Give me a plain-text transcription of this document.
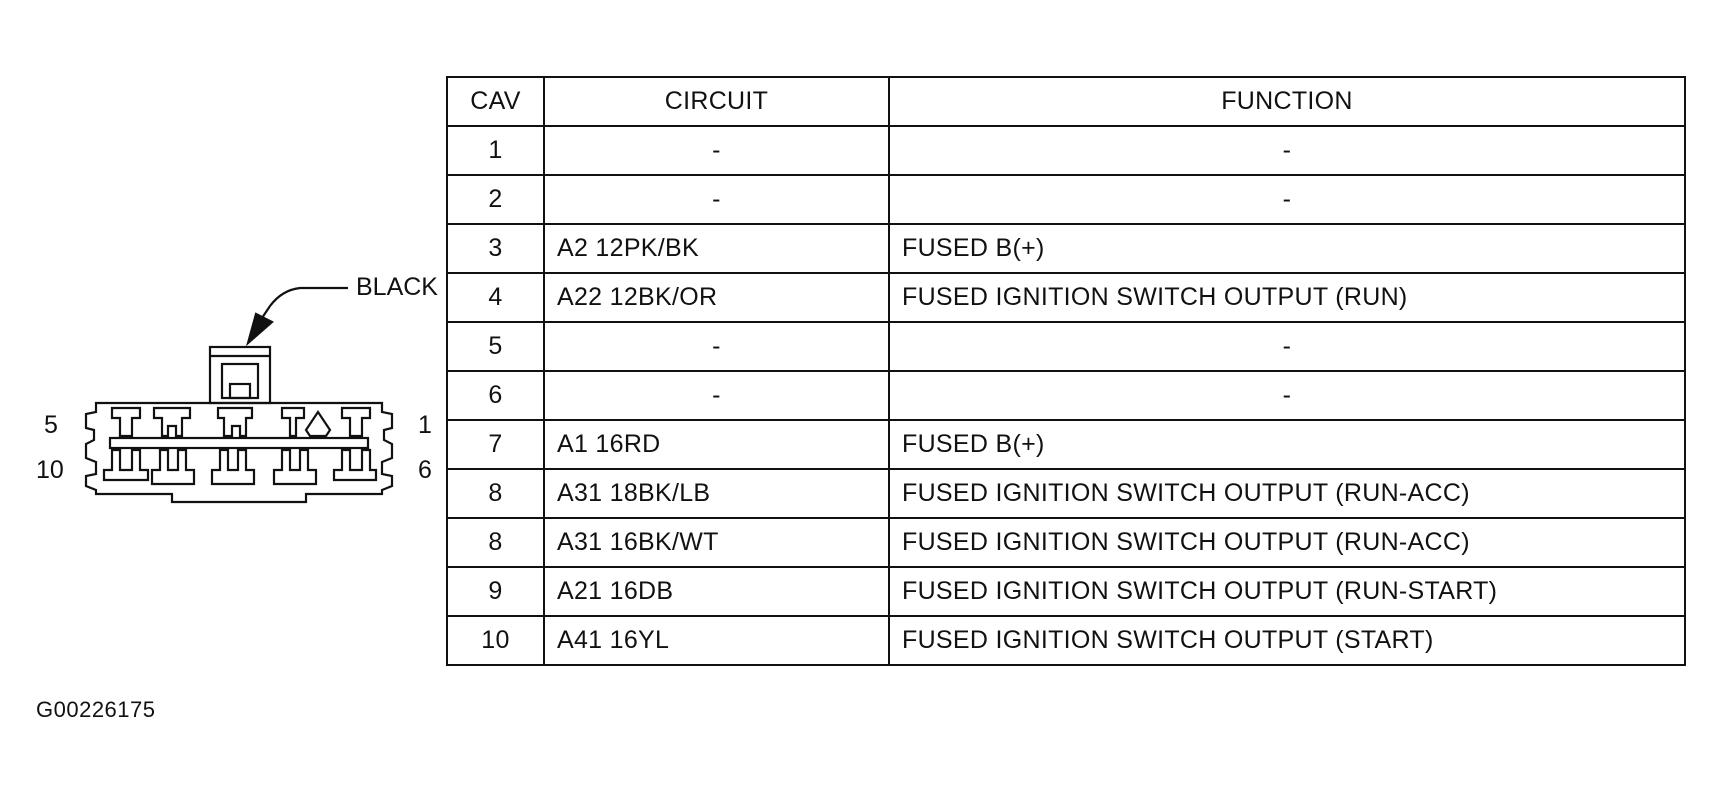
BLACK
5	1
10	6
CAV	CIRCUIT	FUNCTION
1	-	-
2	-	-
3	A2 12PK/BK	FUSED B(+)
4	A22 12BK/OR	FUSED IGNITION SWITCH OUTPUT (RUN)
5	-	-
6	-	-
7	A1 16RD	FUSED B(+)
8	A31 18BK/LB	FUSED IGNITION SWITCH OUTPUT (RUN-ACC)
8	A31 16BK/WT	FUSED IGNITION SWITCH OUTPUT (RUN-ACC)
9	A21 16DB	FUSED IGNITION SWITCH OUTPUT (RUN-START)
10	A41 16YL	FUSED IGNITION SWITCH OUTPUT (START)
G00226175
